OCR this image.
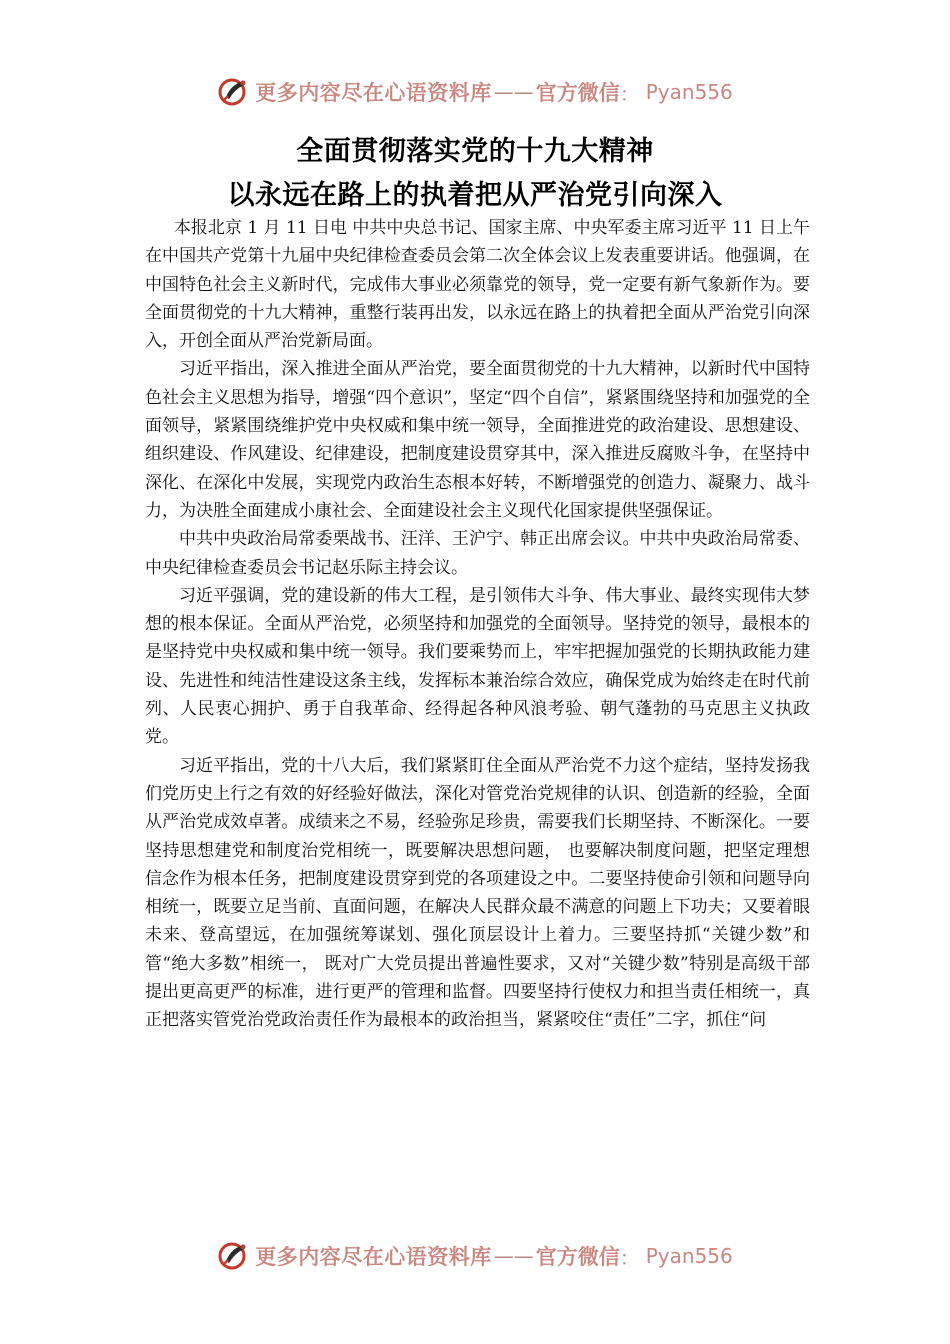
更多内容尽在心语资料库 —— 官方微信 ： Pyan556
全面贯彻落实党的十九大精神
以永远在路上的执着把从严治党引向深入

本报北京 1 月 11 日电 中共中央总书记、国家主席、中央军委主席习近平 11 日上午在中国共产党第十九届中央纪律检查委员会第二次全体会议上发表重要讲话。他强调，在中国特色社会主义新时代，完成伟大事业必须靠党的领导，党一定要有新气象新作为。要全面贯彻党的十九大精神，重整行装再出发，以永远在路上的执着把全面从严治党引向深入，开创全面从严治党新局面。

习近平指出，深入推进全面从严治党，要全面贯彻党的十九大精神，以新时代中国特色社会主义思想为指导，增强“四个意识”，坚定“四个自信”，紧紧围绕坚持和加强党的全面领导，紧紧围绕维护党中央权威和集中统一领导，全面推进党的政治建设、思想建设、组织建设、作风建设、纪律建设，把制度建设贯穿其中，深入推进反腐败斗争，在坚持中深化、在深化中发展，实现党内政治生态根本好转，不断增强党的创造力、凝聚力、战斗力，为决胜全面建成小康社会、全面建设社会主义现代化国家提供坚强保证。

中共中央政治局常委栗战书、汪洋、王沪宁、韩正出席会议。中共中央政治局常委、中央纪律检查委员会书记赵乐际主持会议。

习近平强调，党的建设新的伟大工程，是引领伟大斗争、伟大事业、最终实现伟大梦想的根本保证。全面从严治党，必须坚持和加强党的全面领导。坚持党的领导，最根本的是坚持党中央权威和集中统一领导。我们要乘势而上，牢牢把握加强党的长期执政能力建设、先进性和纯洁性建设这条主线，发挥标本兼治综合效应，确保党成为始终走在时代前列、人民衷心拥护、勇于自我革命、经得起各种风浪考验、朝气蓬勃的马克思主义执政党。

习近平指出，党的十八大后，我们紧紧盯住全面从严治党不力这个症结，坚持发扬我们党历史上行之有效的好经验好做法，深化对管党治党规律的认识、创造新的经验，全面从严治党成效卓著。成绩来之不易，经验弥足珍贵，需要我们长期坚持、不断深化。一要坚持思想建党和制度治党相统一，既要解决思想问题， 也要解决制度问题，把坚定理想信念作为根本任务，把制度建设贯穿到党的各项建设之中。二要坚持使命引领和问题导向相统一，既要立足当前、直面问题，在解决人民群众最不满意的问题上下功夫；又要着眼未来、登高望远，在加强统筹谋划、强化顶层设计上着力。三要坚持抓“关键少数”和管“绝大多数”相统一， 既对广大党员提出普遍性要求，又对“关键少数”特别是高级干部提出更高更严的标准，进行更严的管理和监督。四要坚持行使权力和担当责任相统一，真正把落实管党治党政治责任作为最根本的政治担当，紧紧咬住“责任”二字，抓住“问

更多内容尽在心语资料库 —— 官方微信 ： Pyan556
